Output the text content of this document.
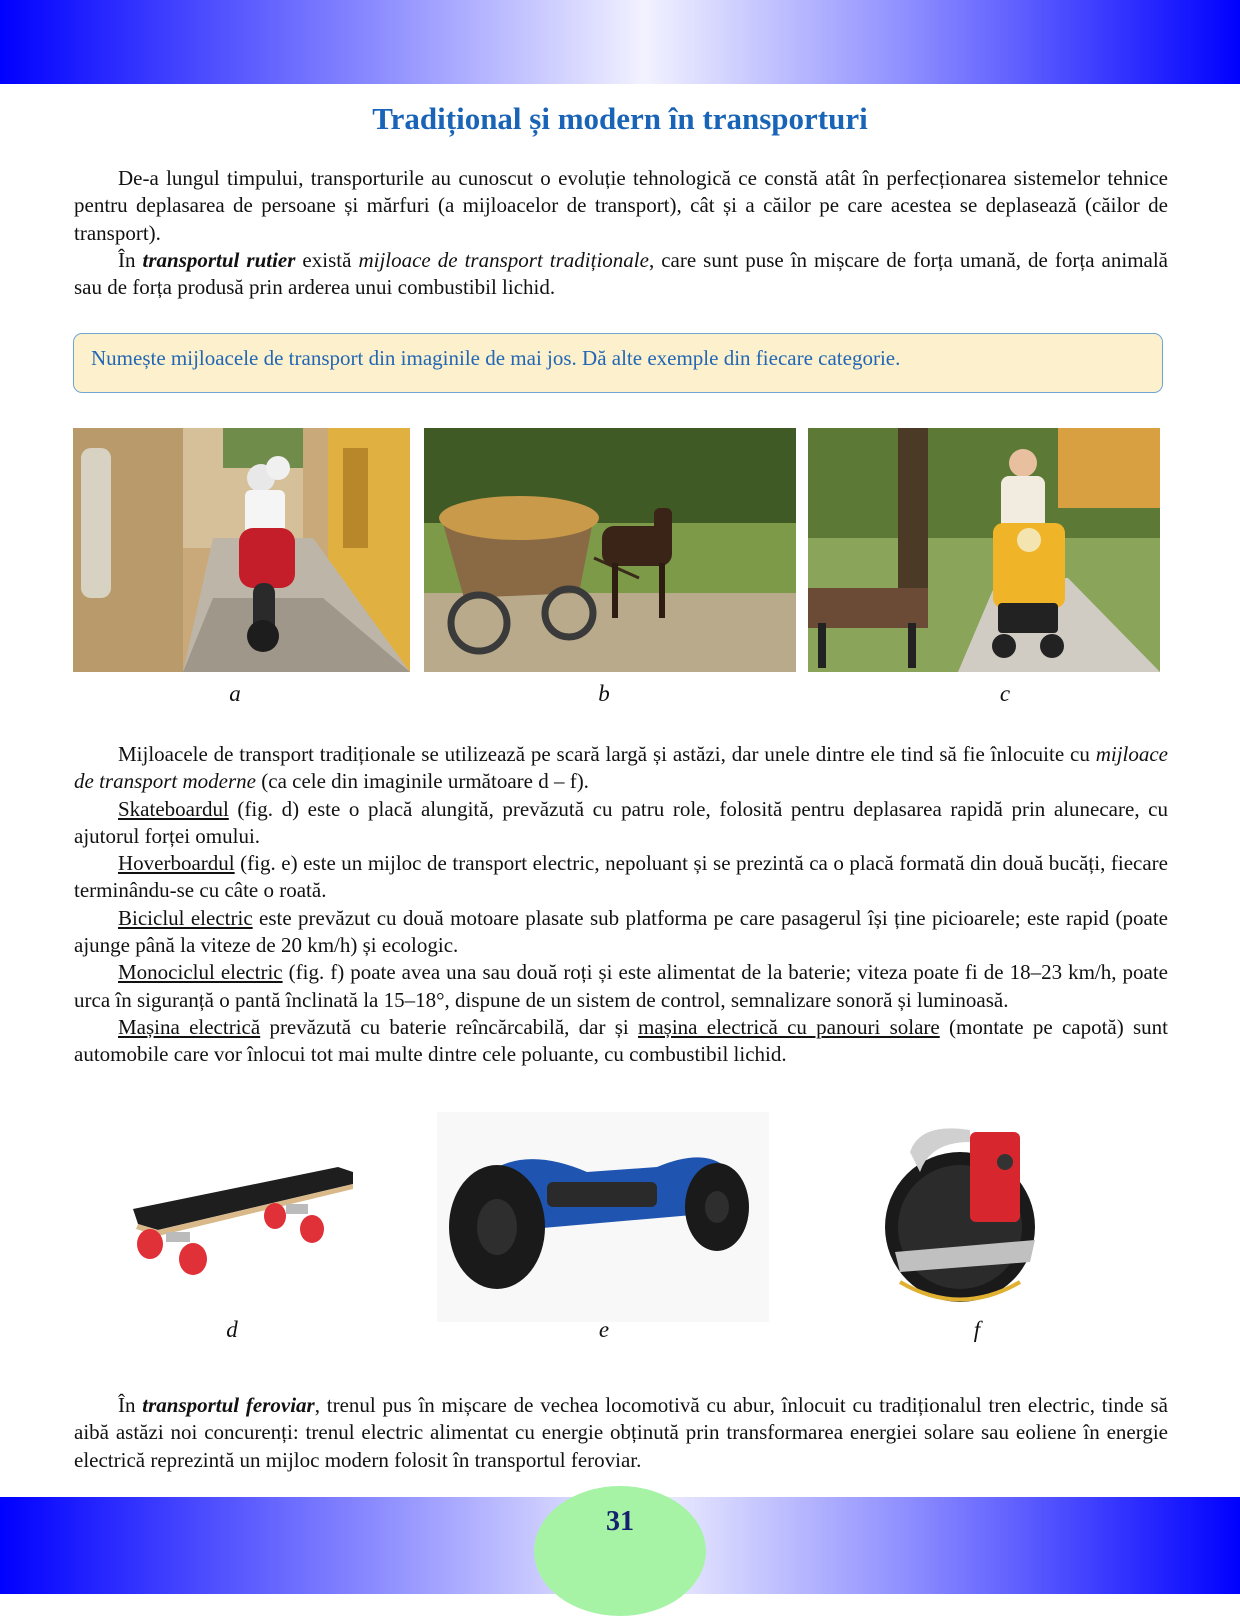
Tradițional și modern în transporturi

De-a lungul timpului, transporturile au cunoscut o evoluție tehnologică ce constă atât în perfecționarea sistemelor tehnice pentru deplasarea de persoane și mărfuri (a mijloacelor de transport), cât și a căilor pe care acestea se deplasează (căilor de transport).

În transportul rutier există mijloace de transport tradiționale, care sunt puse în mișcare de forța umană, de forța animală sau de forța produsă prin arderea unui combustibil lichid.

Numește mijloacele de transport din imaginile de mai jos. Dă alte exemple din fiecare categorie.
a	b	c

Mijloacele de transport tradiționale se utilizează pe scară largă și astăzi, dar unele dintre ele tind să fie înlocuite cu mijloace de transport moderne (ca cele din imaginile următoare d – f).

Skateboardul (fig. d) este o placă alungită, prevăzută cu patru role, folosită pentru deplasarea rapidă prin alunecare, cu ajutorul forței omului.

Hoverboardul (fig. e) este un mijloc de transport electric, nepoluant și se prezintă ca o placă formată din două bucăți, fiecare terminându-se cu câte o roată.

Biciclul electric este prevăzut cu două motoare plasate sub platforma pe care pasagerul își ține picioarele; este rapid (poate ajunge până la viteze de 20 km/h) și ecologic.

Monociclul electric (fig. f) poate avea una sau două roți și este alimentat de la baterie; viteza poate fi de 18–23 km/h, poate urca în siguranță o pantă înclinată la 15–18°, dispune de un sistem de control, semnalizare sonoră și luminoasă.

Mașina electrică prevăzută cu baterie reîncărcabilă, dar și mașina electrică cu panouri solare (montate pe capotă) sunt automobile care vor înlocui tot mai multe dintre cele poluante, cu combustibil lichid.

d	e	f

În transportul feroviar, trenul pus în mișcare de vechea locomotivă cu abur, înlocuit cu tradiționalul tren electric, tinde să aibă astăzi noi concurenți: trenul electric alimentat cu energie obținută prin transformarea energiei solare sau eoliene în energie electrică reprezintă un mijloc modern folosit în transportul feroviar.

31
